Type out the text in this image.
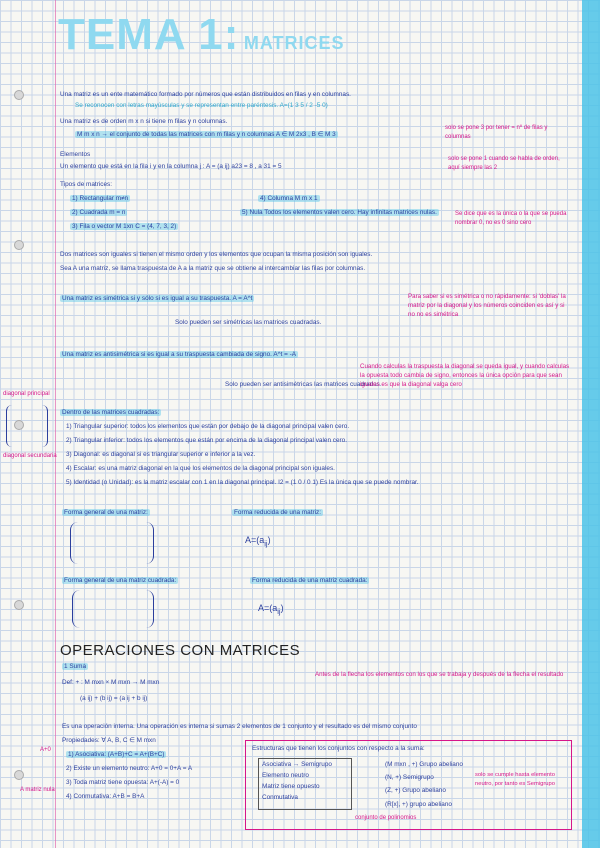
TEMA 1: MATRICES
Una matriz es un ente matemático formado por números que están distribuidos en filas y en columnas.
Se reconocen con letras mayúsculas y se representan entre paréntesis. A=(1 3 5 / 2 -5 0)
Una matriz es de orden m x n si tiene m filas y n columnas.
M m x n → el conjunto de todas las matrices con m filas y n columnas A ∈ M 2x3 , B ∈ M 3
solo se pone 3 por tener = nº de filas y columnas
Elementos
Un elemento que está en la fila i y en la columna j : A = (a ij) a23 = 8 , a 31 = 5
solo se pone 1 cuando se habla de orden, aquí siempre las 2
Tipos de matrices:
1) Rectangular m≠n
2) Cuadrada m = n
3) Fila o vector M 1xn C = (4, 7, 3, 2)
4) Columna M m x 1
5) Nula Todos los elementos valen cero. Hay infinitas matrices nulas.	Se dice que es la única o la que se pueda nombrar 0, no es 0 sino cero
Dos matrices son iguales si tienen el mismo orden y los elementos que ocupan la misma posición son iguales.
Sea A una matriz, se llama traspuesta de A a la matriz que se obtiene al intercambiar las filas por columnas.
Una matriz es simétrica si y sólo si es igual a su traspuesta. A = A^t
Solo pueden ser simétricas las matrices cuadradas.
Para saber si es simétrica o no rápidamente: si 'doblas' la matriz por la diagonal y los números coinciden es así y si no no es simétrica
Una matriz es antisimétrica si es igual a su traspuesta cambiada de signo. A^t = -A
Solo pueden ser antisimétricas las matrices cuadradas.
Cuando calculas la traspuesta la diagonal se queda igual, y cuando calculas la opuesta todo cambia de signo, entonces la única opción para que sean iguales es que la diagonal valga cero
diagonal principal
diagonal secundaria
Dentro de las matrices cuadradas:
1) Triangular superior: todos los elementos que están por debajo de la diagonal principal valen cero.
2) Triangular inferior: todos los elementos que están por encima de la diagonal principal valen cero.
3) Diagonal: es diagonal si es triangular superior e inferior a la vez.
4) Escalar: es una matriz diagonal en la que los elementos de la diagonal principal son iguales.
5) Identidad (o Unidad): es la matriz escalar con 1 en la diagonal principal. I2 = (1 0 / 0 1) Es la única que se puede nombrar.
Forma general de una matriz:	Forma reducida de una matriz:
$A=(a_{ij})$
Forma general de una matriz cuadrada:	Forma reducida de una matriz cuadrada:
$A=(a_{ij})$
OPERACIONES CON MATRICES
1 Suma
Def: + : M mxn × M mxn → M mxn
(a ij) + (b ij) = (a ij + b ij)
Antes de la flecha los elementos con los que se trabaja y después de la flecha el resultado
Es una operación interna. Una operación es interna si sumas 2 elementos de 1 conjunto y el resultado es del mismo conjunto
Propiedades: ∀ A, B, C ∈ M mxn
A+0
A matriz nula
1) Asociativa: (A+B)+C = A+(B+C)
2) Existe un elemento neutro: A+0 = 0+A = A
3) Toda matriz tiene opuesta: A+(-A) = 0
4) Conmutativa: A+B = B+A
Estructuras que tienen los conjuntos con respecto a la suma:
Asociativa → Semigrupo
Elemento neutro
Matriz tiene opuesto
Conmutativa
(M mxn , +) Grupo abeliano
(N, +) Semigrupo
(Z, +) Grupo abeliano
(R[x], +) grupo abeliano
solo se cumple hasta elemento neutro, por tanto es Semigrupo
conjunto de polinomios
